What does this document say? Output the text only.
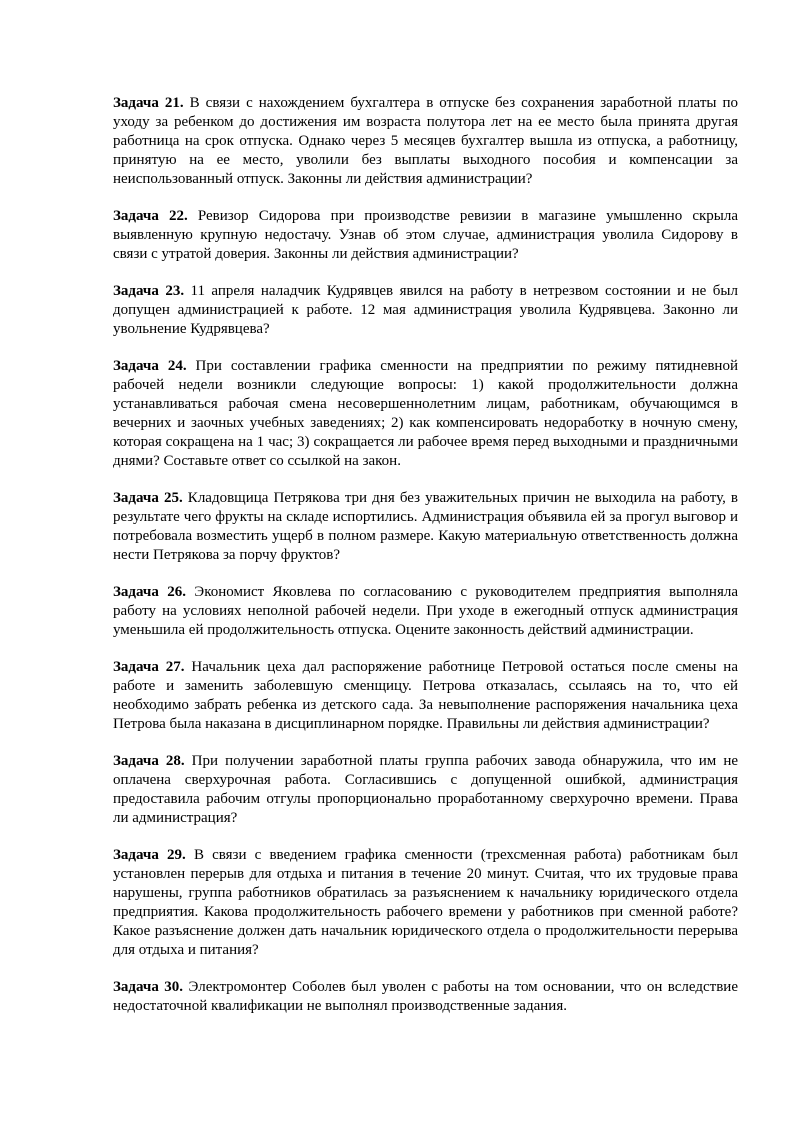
Задача 21. В связи с нахождением бухгалтера в отпуске без сохранения заработной платы по уходу за ребенком до достижения им возраста полутора лет на ее место была принята другая работница на срок отпуска. Однако через 5 месяцев бухгалтер вышла из отпуска, а работницу, принятую на ее место, уволили без выплаты выходного пособия и компенсации за неиспользованный отпуск. Законны ли действия администрации?

Задача 22. Ревизор Сидорова при производстве ревизии в магазине умышленно скрыла выявленную крупную недостачу. Узнав об этом случае, администрация уволила Сидорову в связи с утратой доверия. Законны ли действия администрации?

Задача 23. 11 апреля наладчик Кудрявцев явился на работу в нетрезвом состоянии и не был допущен администрацией к работе. 12 мая администрация уволила Кудрявцева. Законно ли увольнение Кудрявцева?

Задача 24. При составлении графика сменности на предприятии по режиму пятидневной рабочей недели возникли следующие вопросы: 1) какой продолжительности должна устанавливаться рабочая смена несовершеннолетним лицам, работникам, обучающимся в вечерних и заочных учебных заведениях; 2) как компенсировать недоработку в ночную смену, которая сокращена на 1 час; 3) сокращается ли рабочее время перед выходными и праздничными днями? Составьте ответ со ссылкой на закон.

Задача 25. Кладовщица Петрякова три дня без уважительных причин не выходила на работу, в результате чего фрукты на складе испортились. Администрация объявила ей за прогул выговор и потребовала возместить ущерб в полном размере. Какую материальную ответственность должна нести Петрякова за порчу фруктов?

Задача 26. Экономист Яковлева по согласованию с руководителем предприятия выполняла работу на условиях неполной рабочей недели. При уходе в ежегодный отпуск администрация уменьшила ей продолжительность отпуска. Оцените законность действий администрации.

Задача 27. Начальник цеха дал распоряжение работнице Петровой остаться после смены на работе и заменить заболевшую сменщицу. Петрова отказалась, ссылаясь на то, что ей необходимо забрать ребенка из детского сада. За невыполнение распоряжения начальника цеха Петрова была наказана в дисциплинарном порядке. Правильны ли действия администрации?

Задача 28. При получении заработной платы группа рабочих завода обнаружила, что им не оплачена сверхурочная работа. Согласившись с допущенной ошибкой, администрация предоставила рабочим отгулы пропорционально проработанному сверхурочно времени. Права ли администрация?

Задача 29. В связи с введением графика сменности (трехсменная работа) работникам был установлен перерыв для отдыха и питания в течение 20 минут. Считая, что их трудовые права нарушены, группа работников обратилась за разъяснением к начальнику юридического отдела предприятия. Какова продолжительность рабочего времени у работников при сменной работе? Какое разъяснение должен дать начальник юридического отдела о продолжительности перерыва для отдыха и питания?

Задача 30. Электромонтер Соболев был уволен с работы на том основании, что он вследствие недостаточной квалификации не выполнял производственные задания.
